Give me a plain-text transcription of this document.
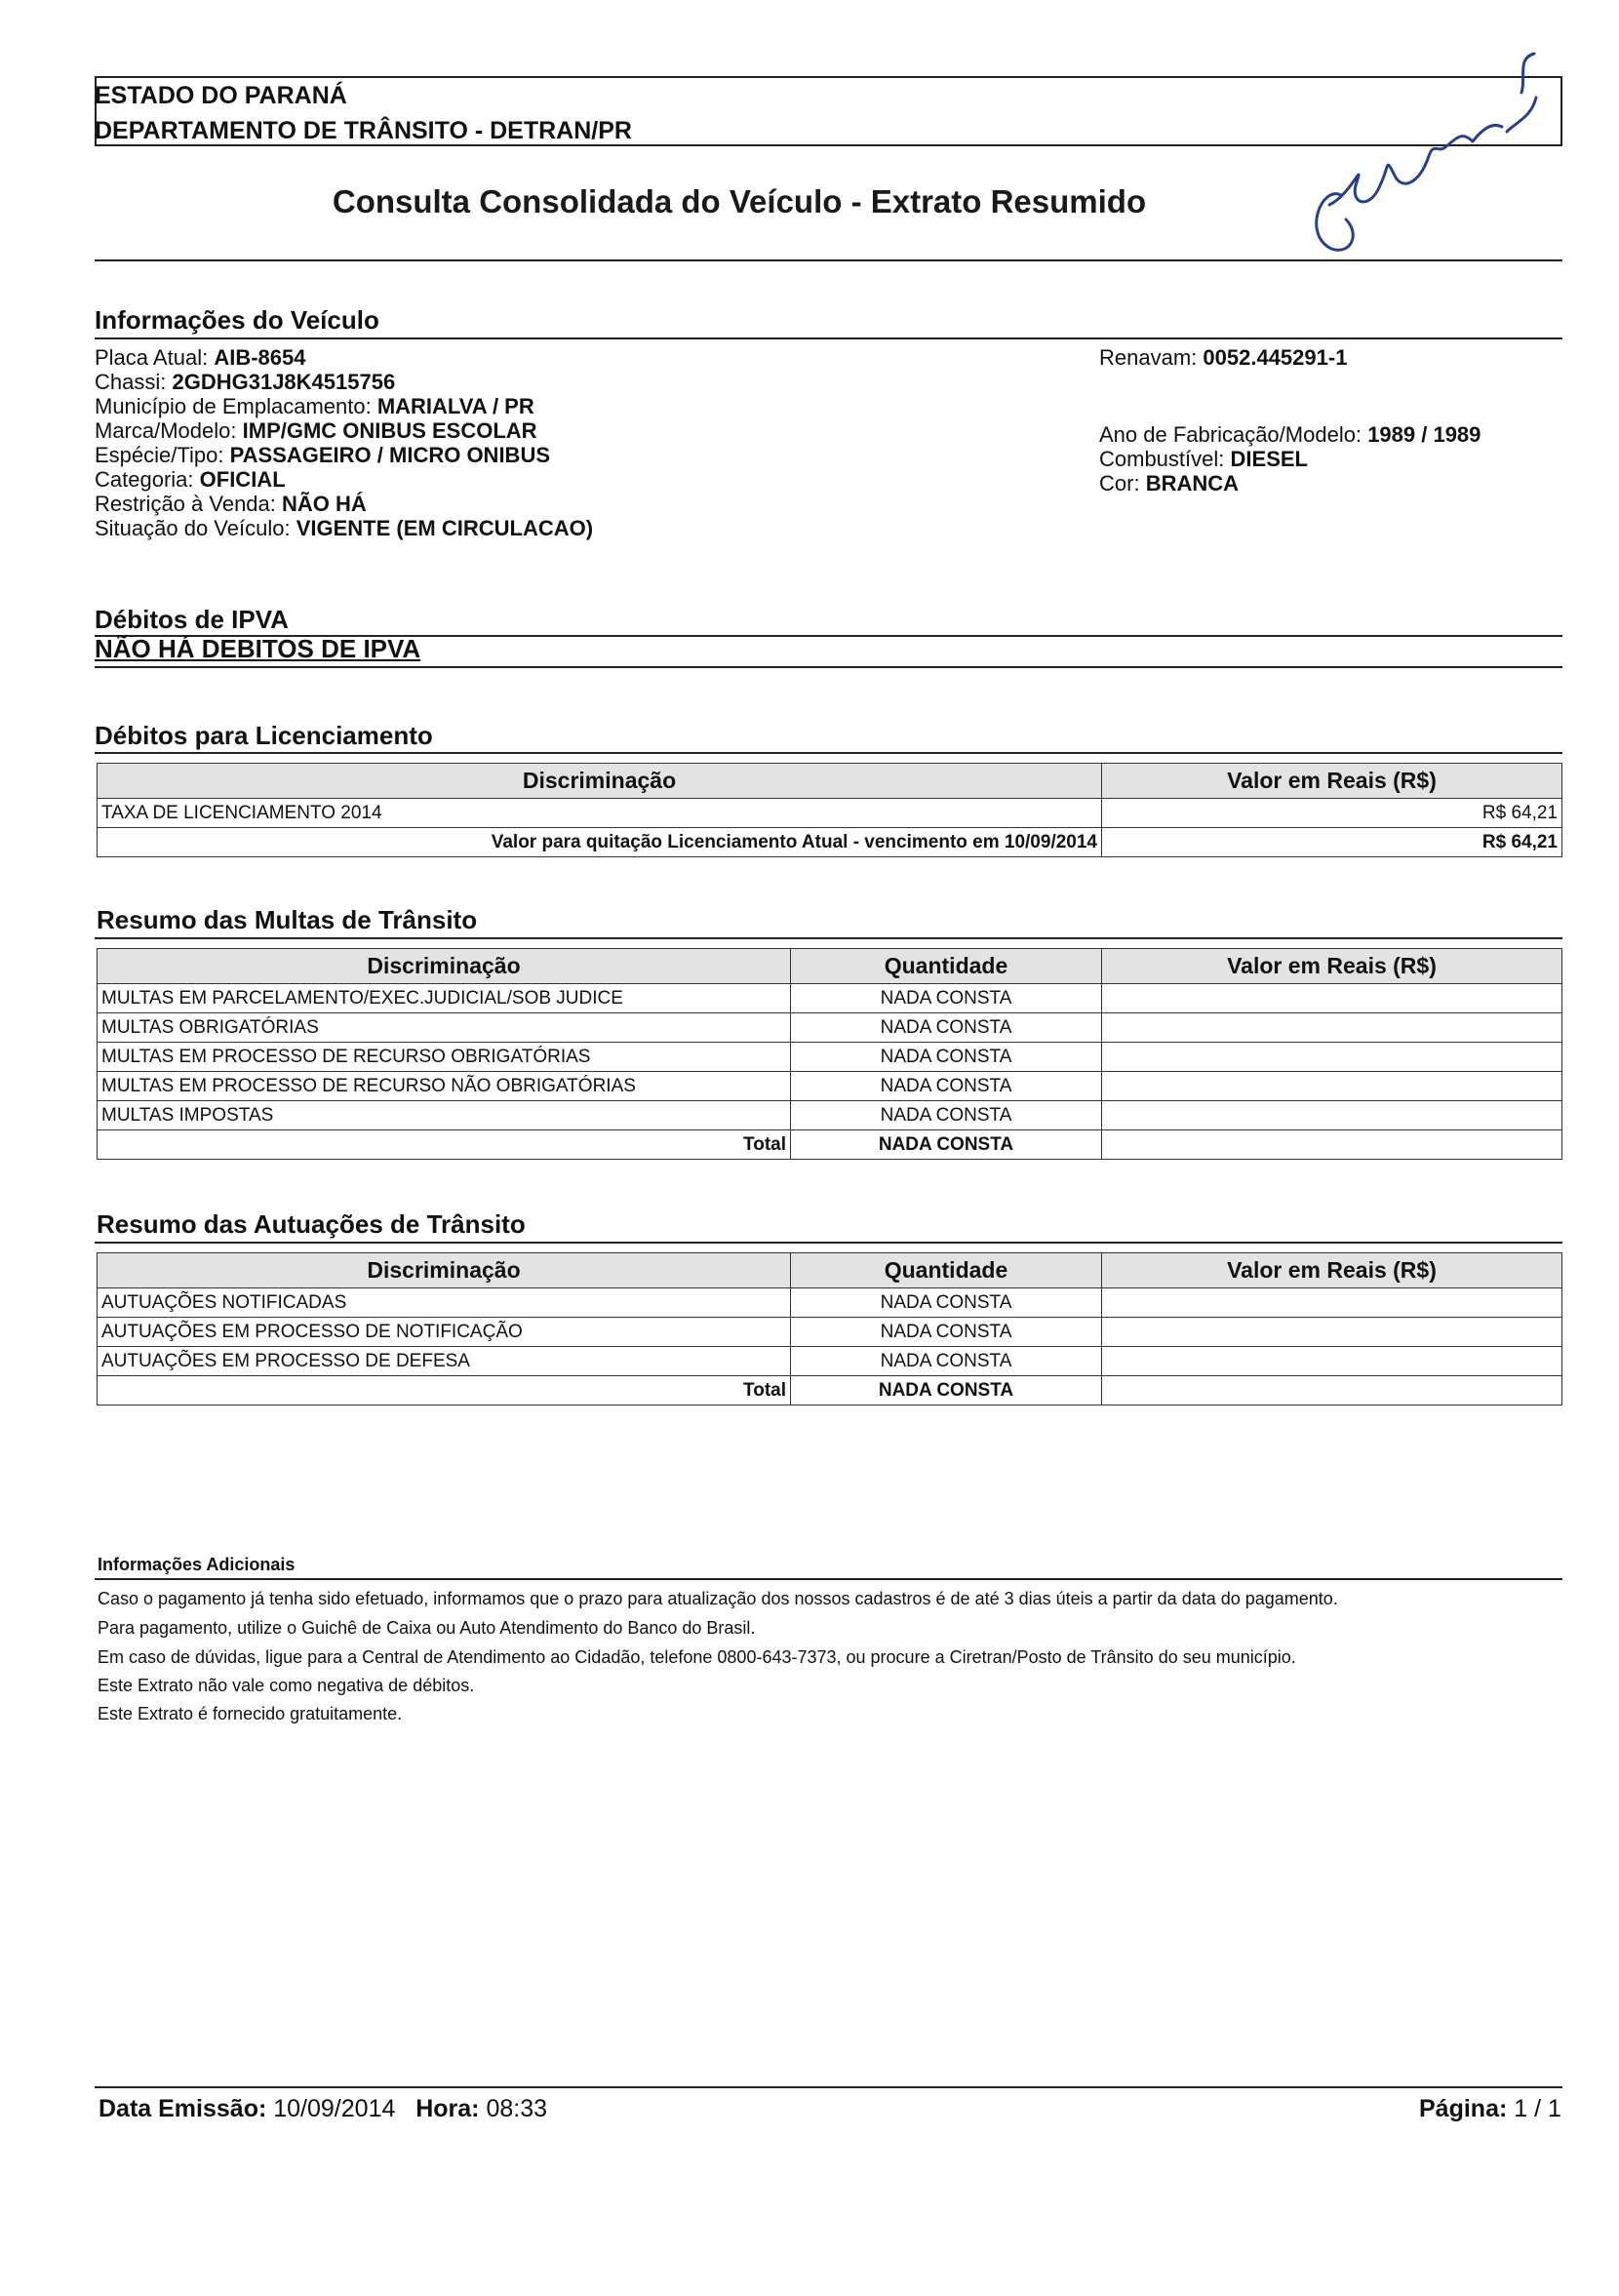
ESTADO DO PARANÁ
DEPARTAMENTO DE TRÂNSITO - DETRAN/PR
Consulta Consolidada do Veículo - Extrato Resumido
Informações do Veículo
Placa Atual: AIB-8654
Chassi: 2GDHG31J8K4515756
Município de Emplacamento: MARIALVA / PR
Marca/Modelo: IMP/GMC ONIBUS ESCOLAR
Espécie/Tipo: PASSAGEIRO / MICRO ONIBUS
Categoria: OFICIAL
Restrição à Venda: NÃO HÁ
Situação do Veículo: VIGENTE (EM CIRCULACAO)
Renavam: 0052.445291-1
Ano de Fabricação/Modelo: 1989 / 1989
Combustível: DIESEL
Cor: BRANCA
Débitos de IPVA
NÃO HÁ DEBITOS DE IPVA
Débitos para Licenciamento
Discriminação	Valor em Reais (R$)
TAXA DE LICENCIAMENTO 2014	R$ 64,21
Valor para quitação Licenciamento Atual - vencimento em 10/09/2014	R$ 64,21
Resumo das Multas de Trânsito
Discriminação	Quantidade	Valor em Reais (R$)
MULTAS EM PARCELAMENTO/EXEC.JUDICIAL/SOB JUDICE	NADA CONSTA	
MULTAS OBRIGATÓRIAS	NADA CONSTA	
MULTAS EM PROCESSO DE RECURSO OBRIGATÓRIAS	NADA CONSTA	
MULTAS EM PROCESSO DE RECURSO NÃO OBRIGATÓRIAS	NADA CONSTA	
MULTAS IMPOSTAS	NADA CONSTA	
Total	NADA CONSTA	
Resumo das Autuações de Trânsito
Discriminação	Quantidade	Valor em Reais (R$)
AUTUAÇÕES NOTIFICADAS	NADA CONSTA	
AUTUAÇÕES EM PROCESSO DE NOTIFICAÇÃO	NADA CONSTA	
AUTUAÇÕES EM PROCESSO DE DEFESA	NADA CONSTA	
Total	NADA CONSTA	
Informações Adicionais
Caso o pagamento já tenha sido efetuado, informamos que o prazo para atualização dos nossos cadastros é de até 3 dias úteis a partir da data do pagamento.
Para pagamento, utilize o Guichê de Caixa ou Auto Atendimento do Banco do Brasil.
Em caso de dúvidas, ligue para a Central de Atendimento ao Cidadão, telefone 0800-643-7373, ou procure a Ciretran/Posto de Trânsito do seu município.
Este Extrato não vale como negativa de débitos.
Este Extrato é fornecido gratuitamente.
Data Emissão: 10/09/2014 Hora: 08:33	Página: 1 / 1
